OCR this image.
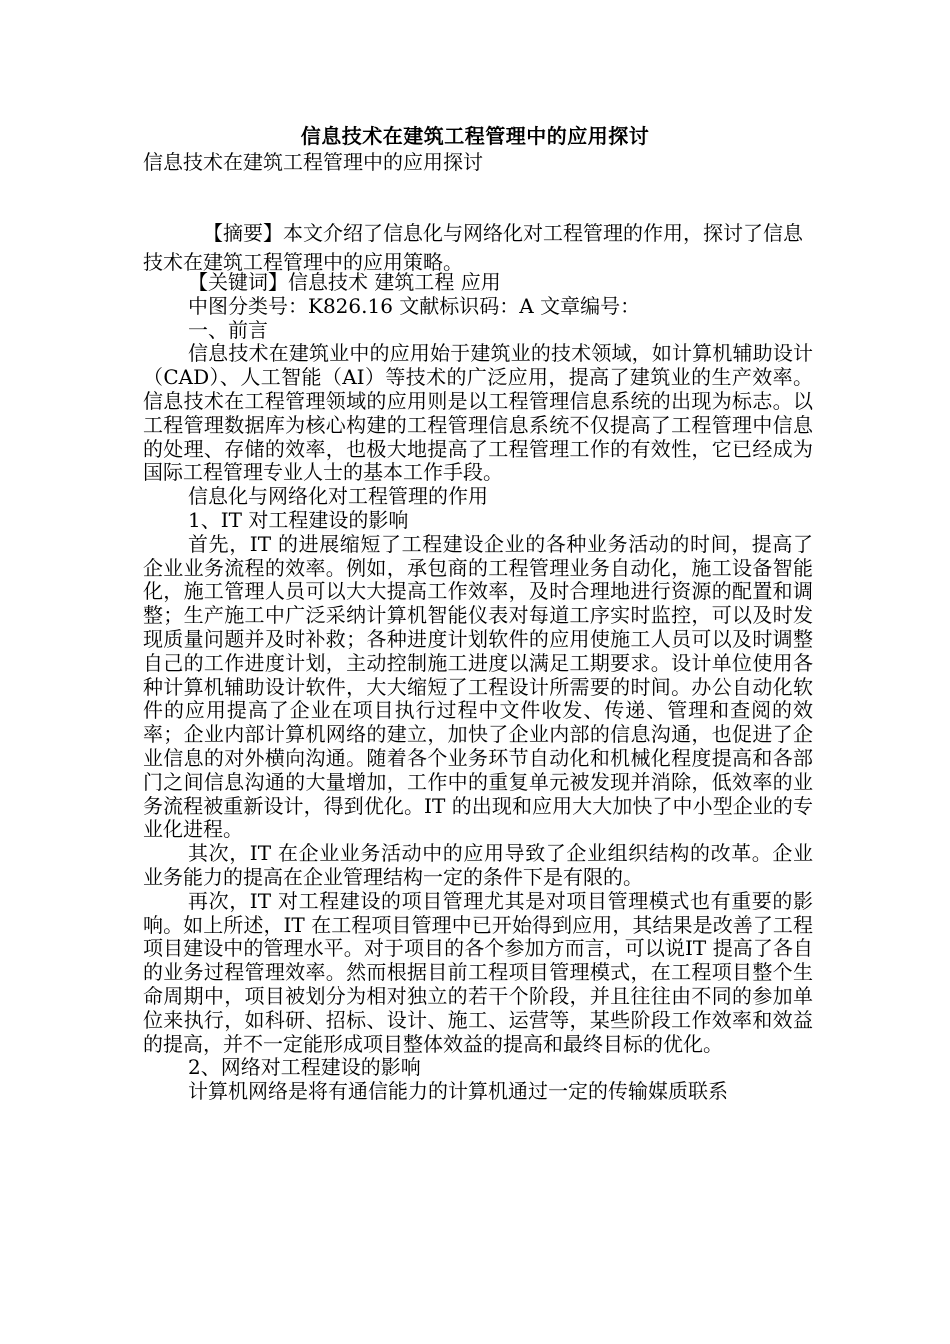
信息技术在建筑工程管理中的应用探讨
信息技术在建筑工程管理中的应用探讨

【摘要】本文介绍了信息化与网络化对工程管理的作用，探讨了信息技术在建筑工程管理中的应用策略。

【关键词】信息技术 建筑工程 应用

中图分类号：K826.16 文献标识码：A 文章编号：

一、前言

信息技术在建筑业中的应用始于建筑业的技术领域，如计算机辅助设计（CAD）、人工智能（AI）等技术的广泛应用，提高了建筑业的生产效率。信息技术在工程管理领域的应用则是以工程管理信息系统的出现为标志。以工程管理数据库为核心构建的工程管理信息系统不仅提高了工程管理中信息的处理、存储的效率，也极大地提高了工程管理工作的有效性，它已经成为国际工程管理专业人士的基本工作手段。

信息化与网络化对工程管理的作用

1、IT 对工程建设的影响

首先，IT 的进展缩短了工程建设企业的各种业务活动的时间，提高了企业业务流程的效率。例如，承包商的工程管理业务自动化，施工设备智能化，施工管理人员可以大大提高工作效率，及时合理地进行资源的配置和调整；生产施工中广泛采纳计算机智能仪表对每道工序实时监控，可以及时发现质量问题并及时补救；各种进度计划软件的应用使施工人员可以及时调整自己的工作进度计划，主动控制施工进度以满足工期要求。设计单位使用各种计算机辅助设计软件，大大缩短了工程设计所需要的时间。办公自动化软件的应用提高了企业在项目执行过程中文件收发、传递、管理和查阅的效率；企业内部计算机网络的建立，加快了企业内部的信息沟通，也促进了企业信息的对外横向沟通。随着各个业务环节自动化和机械化程度提高和各部门之间信息沟通的大量增加，工作中的重复单元被发现并消除，低效率的业务流程被重新设计，得到优化。IT 的出现和应用大大加快了中小型企业的专业化进程。

其次，IT 在企业业务活动中的应用导致了企业组织结构的改革。企业业务能力的提高在企业管理结构一定的条件下是有限的。

再次，IT 对工程建设的项目管理尤其是对项目管理模式也有重要的影响。如上所述，IT 在工程项目管理中已开始得到应用，其结果是改善了工程项目建设中的管理水平。对于项目的各个参加方而言，可以说IT 提高了各自的业务过程管理效率。然而根据目前工程项目管理模式，在工程项目整个生命周期中，项目被划分为相对独立的若干个阶段，并且往往由不同的参加单位来执行，如科研、招标、设计、施工、运营等，某些阶段工作效率和效益的提高，并不一定能形成项目整体效益的提高和最终目标的优化。

2、网络对工程建设的影响

计算机网络是将有通信能力的计算机通过一定的传输媒质联系
